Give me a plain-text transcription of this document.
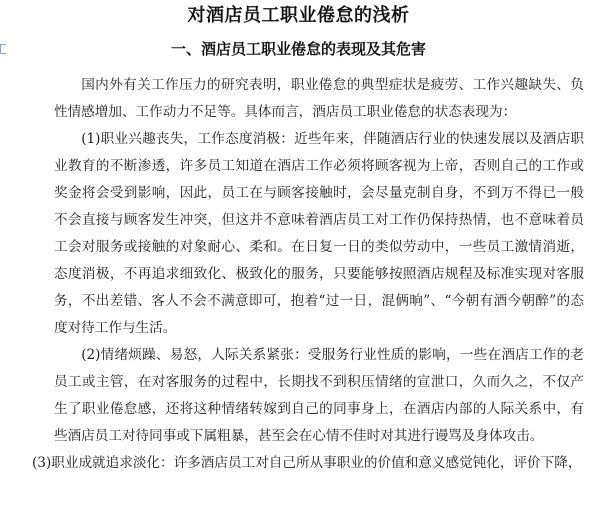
对酒店员工职业倦怠的浅析
一、酒店员工职业倦怠的表现及其危害

国内外有关工作压力的研究表明，职业倦怠的典型症状是疲劳、工作兴趣缺失、负性情感增加、工作动力不足等。具体而言，酒店员工职业倦怠的状态表现为：

(1)职业兴趣丧失，工作态度消极：近些年来，伴随酒店行业的快速发展以及酒店职业教育的不断渗透，许多员工知道在酒店工作必须将顾客视为上帝，否则自己的工作或奖金将会受到影响，因此，员工在与顾客接触时，会尽量克制自身，不到万不得已一般不会直接与顾客发生冲突，但这并不意味着酒店员工对工作仍保持热情，也不意味着员工会对服务或接触的对象耐心、柔和。在日复一日的类似劳动中，一些员工激情消逝，态度消极，不再追求细致化、极致化的服务，只要能够按照酒店规程及标准实现对客服务，不出差错、客人不会不满意即可，抱着“过一日，混俩晌”、“今朝有酒今朝醉”的态度对待工作与生活。

(2)情绪烦躁、易怒，人际关系紧张：受服务行业性质的影响，一些在酒店工作的老员工或主管，在对客服务的过程中，长期找不到积压情绪的宣泄口，久而久之，不仅产生了职业倦怠感，还将这种情绪转嫁到自己的同事身上，在酒店内部的人际关系中，有些酒店员工对待同事或下属粗暴，甚至会在心情不佳时对其进行谩骂及身体攻击。

(3)职业成就追求淡化：许多酒店员工对自己所从事职业的价值和意义感觉钝化，评价下降，
